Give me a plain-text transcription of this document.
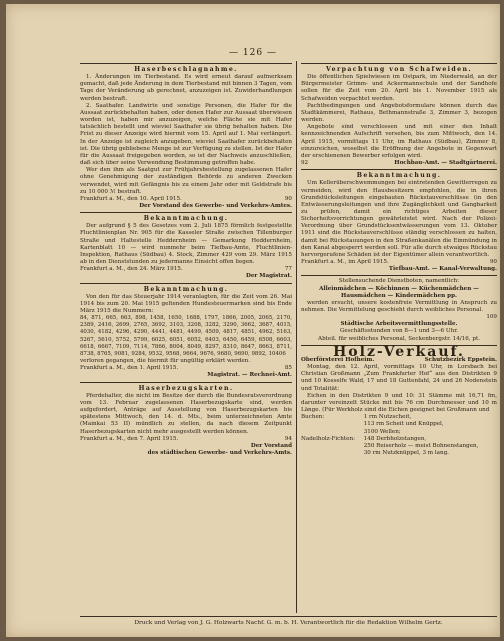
— 126 —
Haserbeschlagnahme.

1. Änderungen im Tierbestand. Es wird erneut darauf aufmerksam gemacht, daß jede Änderung in dem Tierbestand mit binnen 3 Tagen, vom Tage der Veränderung ab gerechnet, anzuzeigen ist. Zuwiderhandlungen werden bestraft.

2. Saathafer. Landwirte und sonstige Personen, die Hafer für die Aussaat zurückbehalten haben, oder denen Hafer zur Aussaat überwiesen worden ist, haben mir anzuzeigen, welche Fläche sie mit Hafer tatsächlich bestellt und wieviel Saathafer sie übrig behalten haben. Die Frist zu dieser Anzeige wird hiermit vom 15. April auf 1. Mai verlängert. In der Anzeige ist zugleich anzugeben, wieviel Saathafer zurückbehalten ist. Die übrig gebliebene Menge ist zur Verfügung zu stellen. Ist der Hafer für die Aussaat freigegeben worden, so ist der Nachweis anzuschließen, daß sich über seine Verwendung Bestimmung getroffen habe.

Wer den ihm als Saatgut zur Frühjahrsbestellung zugelassenen Hafer ohne Genehmigung der zuständigen Behörde zu anderen Zwecken verwendet, wird mit Gefängnis bis zu einem Jahr oder mit Geldstrafe bis zu 10 000 ℳ bestraft.

Frankfurt a. M., den 10. April 1915.	90
Der Vorstand des Gewerbe- und Verkehrs-Amtes.
Bekanntmachung.

Der aufgrund § 5 des Gesetzes vom 2. Juli 1875 förmlich festgestellte Fluchtlinienplan Nr. 905 für die Kasseler Straße zwischen Tillenburger Straße und Haltestelle Heddernheim — Gemarkung Heddernheim, Kartenblatt 10 — wird nunmehr beim Tiefbau-Amte, Fluchtlinien-Inspektion, Rathaus (Südbau) 4. Stock, Zimmer 429 vom 29. März 1915 ab in den Dienststunden zu jedermanns Einsicht offen liegen.

Frankfurt a. M., den 24. März 1915.	77
Der Magistrat.
Bekanntmachung.

Von den für das Steuerjahr 1914 veranlagten, für die Zeit vom 26. Mai 1914 bis zum 20. Mai 1915 geltenden Hundesteuermarken sind bis Ende März 1915 die Nummern:

84, 871, 665, 663, 898, 1458, 1650, 1688, 1797, 1866, 2005, 2065, 2170, 2389, 2416, 2699, 2765, 3692, 3103, 3208, 3282, 3290, 3662, 3687, 4015, 4030, 4182, 4296, 4290, 4441, 4481, 4499, 4509, 4817, 4851, 4962, 5163, 5267, 5610, 5752, 5799, 6025, 6051, 6052, 6403, 6450, 6459, 6508, 6603, 6618, 6667, 7109, 7114, 7866, 8004, 8049, 8297, 8310, 8647, 8663, 8711, 8738, 8765, 9081, 9284, 9532, 9568, 9664, 9676, 9680, 9690, 9892, 10406

verloren gegangen, die hiermit für ungültig erklärt werden.

Frankfurt a. M., den 1. April 1915.	85
Magistrat. — Rechnei-Amt.
Haserbezugskarten.

Pferdehalter, die nicht im Besitze der durch die Bundesratsverordnung vom 13. Februar zugelassenen Haserbezugskarte sind, werden aufgefordert, Anträge auf Ausstellung von Haserbezugskarten bis spätestens Mittwoch, den 14. d. Mts., beim unterzeichneten Amte (Mainkai 53 II) mündlich zu stellen, da nach diesem Zeitpunkt Haserbezugskarten nicht mehr ausgestellt werden können.

Frankfurt a. M., den 7. April 1915.	94
Der Vorstand
des städtischen Gewerbe- und Verkehrs-Amts.
Verpachtung von Schafweiden.

Die öffentlichen Spielwiesen im Ostpark, im Niederwald, an der Bürgermeister Grimm- und Ackermannschule und der Sandhofe sollen für die Zeit vom 20. April bis 1. November 1915 als Schafweiden verpachtet werden.

Pachtbedingungen und Angebotsformulare können durch das Stadtkämmerei, Rathaus, Bethmannstraße 3, Zimmer 3, bezogen werden.

Angebote sind verschlossen und mit einer den Inhalt kennzeichnenden Aufschrift versehen, bis zum Mittwoch, den 14. April 1915, vormittags 11 Uhr, im Rathaus (Südbau), Zimmer 8, einzureichen, woselbst die Eröffnung der Angebote in Gegenwart der erschienenen Bewerber erfolgen wird.

92	Hochbau-Amt. — Stadtgärtnerei.
Bekanntmachung.

Um Kellerüberschwemmungen bei eintretenden Gewitterregen zu vermeiden, wird den Hausbesitzern empfohlen, die in ihren Grundstücksleitungen eingebauten Rückstauverschlüsse (in den Entwässerungsleitungen und ihre Zugänglichkeit und Gangbarkeit zu prüfen, damit ein richtiges Arbeiten dieser Sicherheitsvorrichtungen gewährleistet wird. Nach der Polizei-Verordnung über Grundstücksentwässerungen vom 13. Oktober 1911 sind die Rückstauverschlüsse ständig verschlossen zu halten, damit bei Rückstauungen in den Straßenkanälen die Einmündung in den Kanal abgesperrt werden soll. Für alle durch etwaiges Rückstau hervorgerufene Schäden ist der Eigentümer allein verantwortlich.

Frankfurt a. M., im April 1915.	90
Tiefbau-Amt. — Kanal-Verwaltung.
Stellensuchende Dienstboten, namentlich:
Alleinmädchen — Köchinnen — Küchenmädchen —
Hausmädchen — Kindermädchen pp.

werden ersucht, unsere kostenfreie Vermittlung in Anspruch zu nehmen. Die Vermittelung geschieht durch weibliches Personal.

109
Städtische Arbeitsvermittlungsstelle.
Geschäftsstunden von 8—1 und 3—6 Uhr.
Abteil. für weibliches Personal, Seckenbergstr. 14/16, pt.
Holz-Verkauf.
Oberförsterei Hofheim.	Schutzbezirk Eppstein.

Montag, den 12. April, vormittags 10 Uhr, in Lorsbach bei Christian Großmann „Zum Frankfurter Hof“ aus den Distrikten 9 und 10 Kosselfe Wald, 17 und 18 Guttenfahl, 24 und 26 Nodenstein und Totalität:

Eichen in den Distrikten 9 und 10: 31 Stämme mit 16,71 fm, darunter vereinzelt Stücke mit bis 76 cm Durchmesser und 10 m Länge. (Für Werkholz sind die Eichen geeignet bei Großmann und

Buchen:	1 rm Nutzscheit,
	113 rm Scheit und Knüppel,
	3100 Wellen;
Nadelholz-Fichten:	148 Derbholzstangen,
	250 Reiserholz — meist Bohnenstangen,
	30 rm Nutzknüppel, 3 m lang.
Druck und Verlag von J. G. Holzwarts Nachf. G. m. b. H. Verantwortlich für die Redaktion Wilhelm Gertz.
